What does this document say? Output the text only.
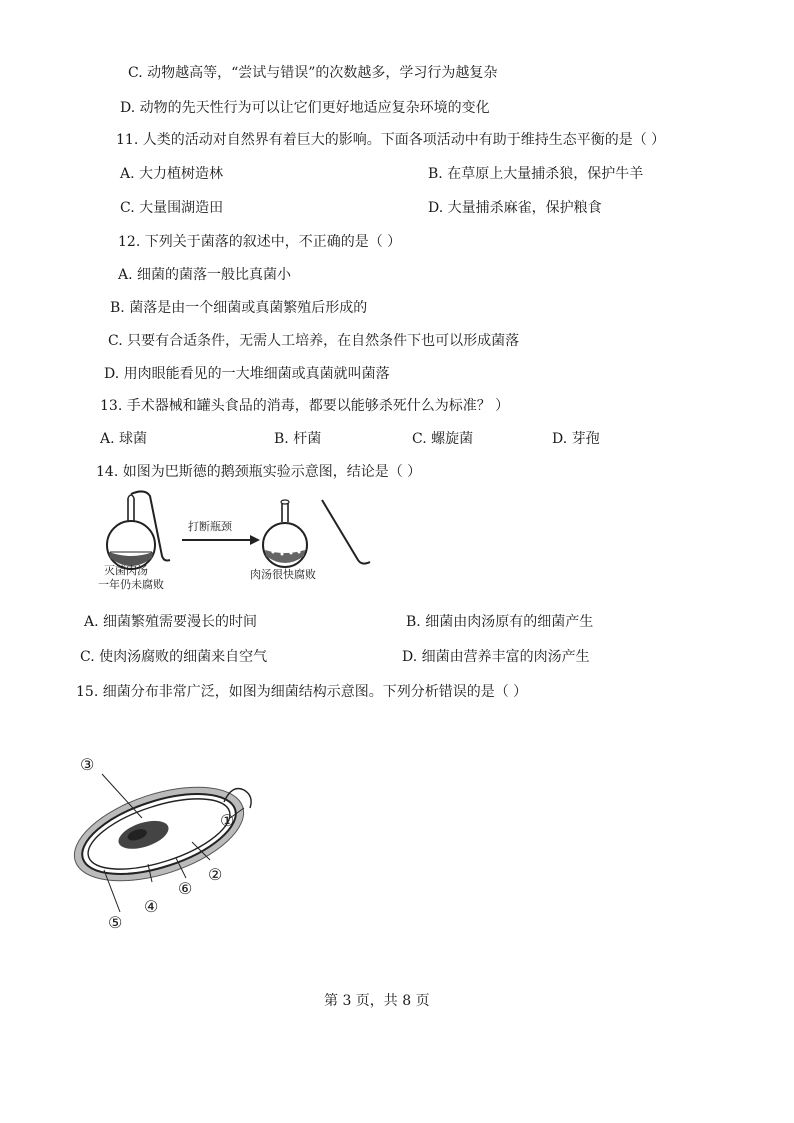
C. 动物越高等，“尝试与错误”的次数越多，学习行为越复杂
D. 动物的先天性行为可以让它们更好地适应复杂环境的变化
11. 人类的活动对自然界有着巨大的影响。下面各项活动中有助于维持生态平衡的是（ ）
A. 大力植树造林	B. 在草原上大量捕杀狼，保护牛羊
C. 大量围湖造田	D. 大量捕杀麻雀，保护粮食
12. 下列关于菌落的叙述中，不正确的是（ ）
A. 细菌的菌落一般比真菌小
B. 菌落是由一个细菌或真菌繁殖后形成的
C. 只要有合适条件，无需人工培养，在自然条件下也可以形成菌落
D. 用肉眼能看见的一大堆细菌或真菌就叫菌落
13. 手术器械和罐头食品的消毒，都要以能够杀死什么为标准？ ）
A. 球菌	B. 杆菌	C. 螺旋菌	D. 芽孢
14. 如图为巴斯德的鹅颈瓶实验示意图，结论是（ ）
打断瓶颈
灭菌肉汤
一年仍未腐败
肉汤很快腐败
A. 细菌繁殖需要漫长的时间	B. 细菌由肉汤原有的细菌产生
C. 使肉汤腐败的细菌来自空气	D. 细菌由营养丰富的肉汤产生
15. 细菌分布非常广泛，如图为细菌结构示意图。下列分析错误的是（ ）
③
①
②
⑥
④
⑤
第 3 页，共 8 页
